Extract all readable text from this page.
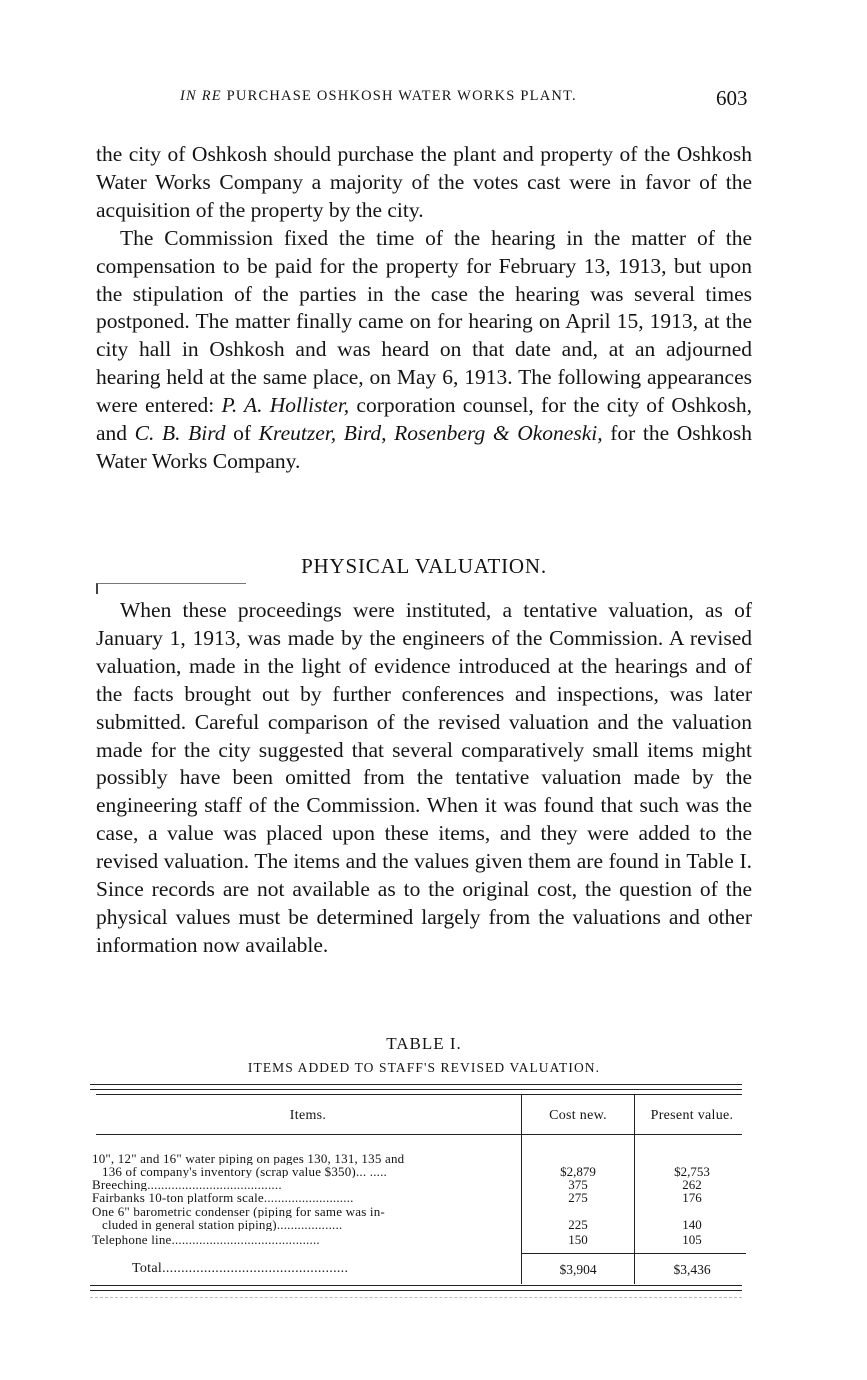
IN RE PURCHASE OSHKOSH WATER WORKS PLANT.	603

the city of Oshkosh should purchase the plant and property of the Oshkosh Water Works Company a majority of the votes cast were in favor of the acquisition of the property by the city.

The Commission fixed the time of the hearing in the matter of the compensation to be paid for the property for February 13, 1913, but upon the stipulation of the parties in the case the hearing was several times postponed. The matter finally came on for hearing on April 15, 1913, at the city hall in Oshkosh and was heard on that date and, at an adjourned hearing held at the same place, on May 6, 1913. The following appearances were entered: P. A. Hollister, corporation counsel, for the city of Oshkosh, and C. B. Bird of Kreutzer, Bird, Rosenberg & Okoneski, for the Oshkosh Water Works Company.

PHYSICAL VALUATION.

When these proceedings were instituted, a tentative valuation, as of January 1, 1913, was made by the engineers of the Commission. A revised valuation, made in the light of evidence introduced at the hearings and of the facts brought out by further conferences and inspections, was later submitted. Careful comparison of the revised valuation and the valuation made for the city suggested that several comparatively small items might possibly have been omitted from the tentative valuation made by the engineering staff of the Commission. When it was found that such was the case, a value was placed upon these items, and they were added to the revised valuation. The items and the values given them are found in Table I. Since records are not available as to the original cost, the question of the physical values must be determined largely from the valuations and other information now available.

TABLE I.
ITEMS ADDED TO STAFF'S REVISED VALUATION.
Items.	Cost new.	Present value.
10", 12" and 16" water piping on pages 130, 131, 135 and
136 of company's inventory (scrap value $350)... .....	$2,879	$2,753
Breeching.......................................	375	262
Fairbanks 10-ton platform scale..........................	275	176
One 6" barometric condenser (piping for same was in-
cluded in general station piping)...................	225	140
Telephone line...........................................	150	105
Total.................................................	$3,904	$3,436
